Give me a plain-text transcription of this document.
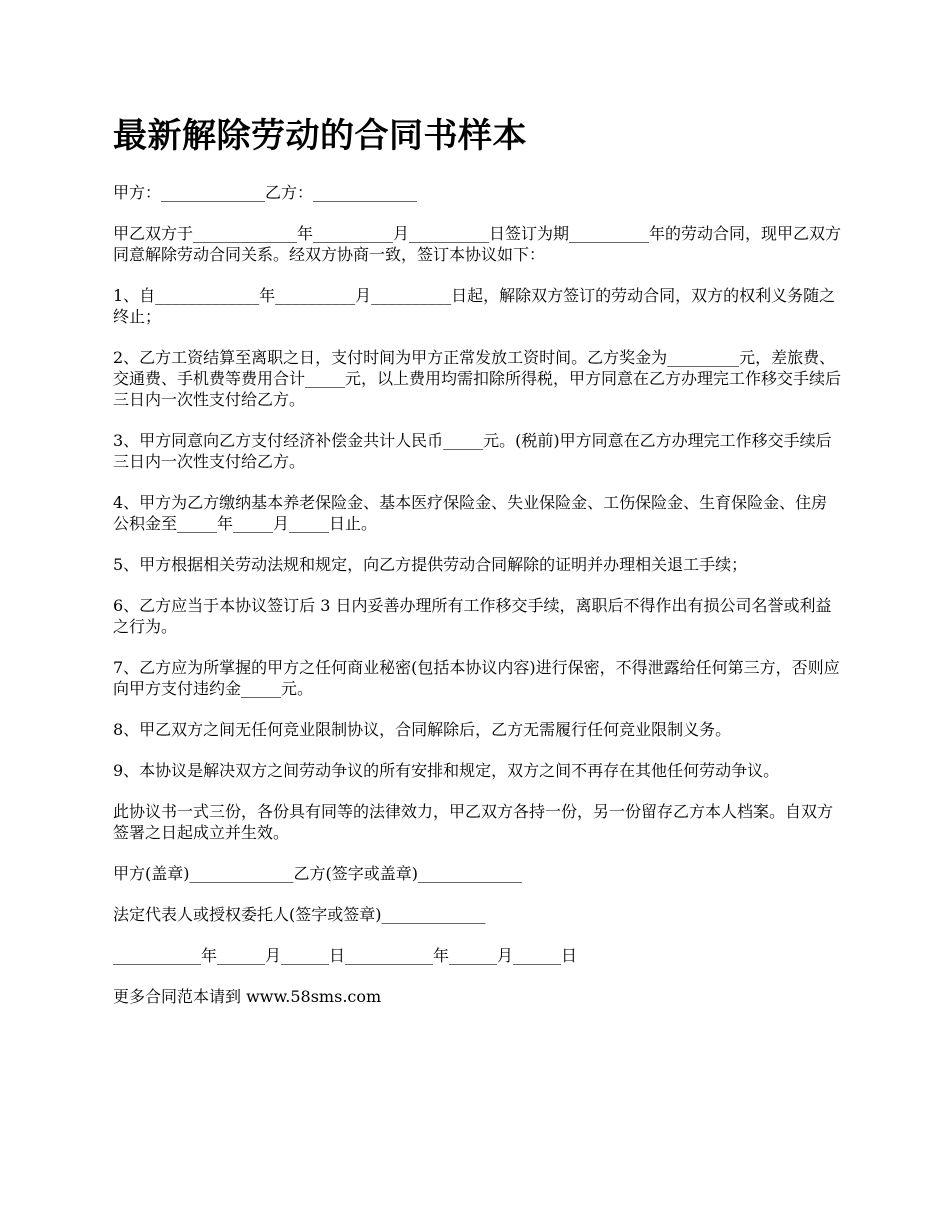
最新解除劳动的合同书样本

甲方：_____________乙方：_____________

甲乙双方于_____________年__________月__________日签订为期__________年的劳动合同，现甲乙双方同意解除劳动合同关系。经双方协商一致，签订本协议如下：

1、自_____________年__________月__________日起，解除双方签订的劳动合同，双方的权利义务随之终止；

2、乙方工资结算至离职之日，支付时间为甲方正常发放工资时间。乙方奖金为_________元，差旅费、交通费、手机费等费用合计_____元，以上费用均需扣除所得税，甲方同意在乙方办理完工作移交手续后三日内一次性支付给乙方。

3、甲方同意向乙方支付经济补偿金共计人民币_____元。(税前)甲方同意在乙方办理完工作移交手续后三日内一次性支付给乙方。

4、甲方为乙方缴纳基本养老保险金、基本医疗保险金、失业保险金、工伤保险金、生育保险金、住房公积金至_____年_____月_____日止。

5、甲方根据相关劳动法规和规定，向乙方提供劳动合同解除的证明并办理相关退工手续；

6、乙方应当于本协议签订后 3 日内妥善办理所有工作移交手续，离职后不得作出有损公司名誉或利益之行为。

7、乙方应为所掌握的甲方之任何商业秘密(包括本协议内容)进行保密，不得泄露给任何第三方，否则应向甲方支付违约金_____元。

8、甲乙双方之间无任何竞业限制协议，合同解除后，乙方无需履行任何竞业限制义务。

9、本协议是解决双方之间劳动争议的所有安排和规定，双方之间不再存在其他任何劳动争议。

此协议书一式三份，各份具有同等的法律效力，甲乙双方各持一份，另一份留存乙方本人档案。自双方签署之日起成立并生效。

甲方(盖章)_____________乙方(签字或盖章)_____________

法定代表人或授权委托人(签字或签章)_____________

___________年______月______日___________年______月______日

更多合同范本请到 www.58sms.com
